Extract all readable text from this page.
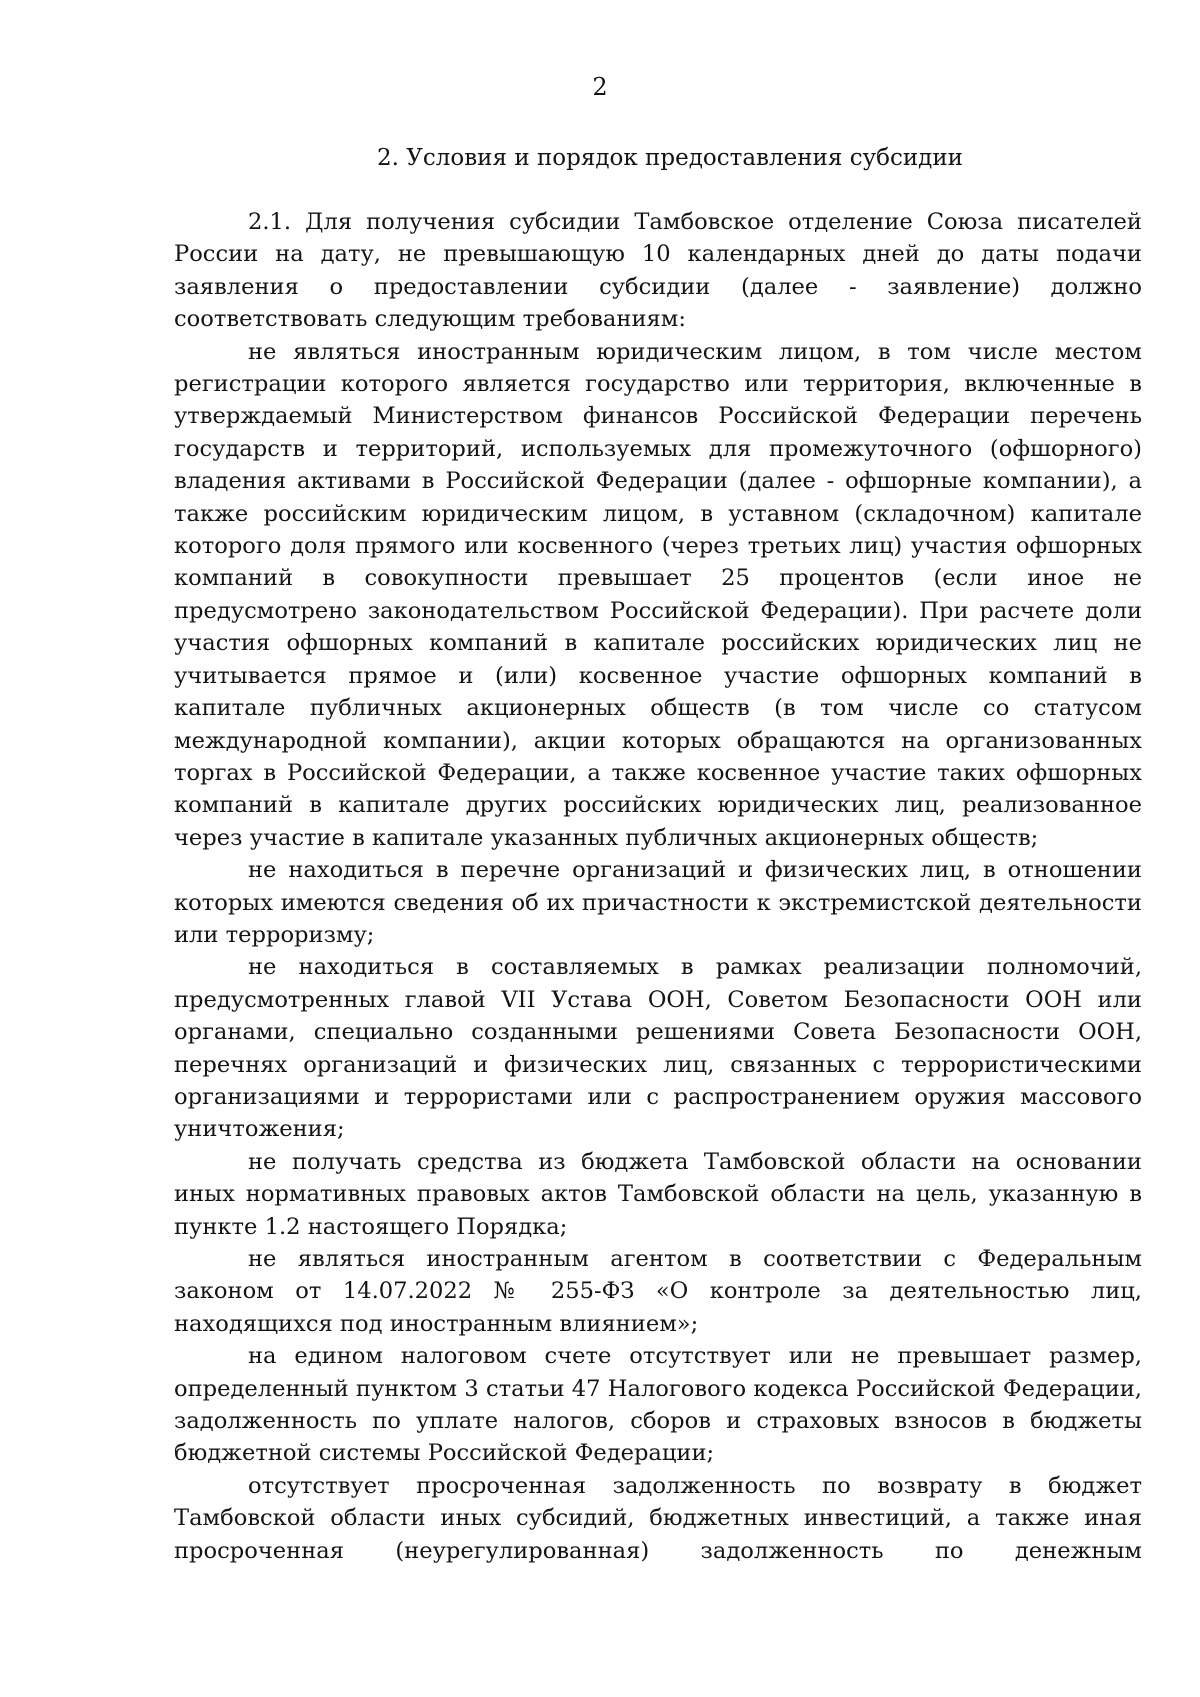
2
2. Условия и порядок предоставления субсидии

2.1. Для получения субсидии Тамбовское отделение Союза писателей России на дату, не превышающую 10 календарных дней до даты подачи заявления о предоставлении субсидии (далее - заявление) должно соответствовать следующим требованиям:

не являться иностранным юридическим лицом, в том числе местом регистрации которого является государство или территория, включенные в утверждаемый Министерством финансов Российской Федерации перечень государств и территорий, используемых для промежуточного (офшорного) владения активами в Российской Федерации (далее - офшорные компании), а также российским юридическим лицом, в уставном (складочном) капитале которого доля прямого или косвенного (через третьих лиц) участия офшорных компаний в совокупности превышает 25 процентов (если иное не предусмотрено законодательством Российской Федерации). При расчете доли участия офшорных компаний в капитале российских юридических лиц не учитывается прямое и (или) косвенное участие офшорных компаний в капитале публичных акционерных обществ (в том числе со статусом международной компании), акции которых обращаются на организованных торгах в Российской Федерации, а также косвенное участие таких офшорных компаний в капитале других российских юридических лиц, реализованное через участие в капитале указанных публичных акционерных обществ;

не находиться в перечне организаций и физических лиц, в отношении которых имеются сведения об их причастности к экстремистской деятельности или терроризму;

не находиться в составляемых в рамках реализации полномочий, предусмотренных главой VII Устава ООН, Советом Безопасности ООН или органами, специально созданными решениями Совета Безопасности ООН, перечнях организаций и физических лиц, связанных с террористическими организациями и террористами или с распространением оружия массового уничтожения;

не получать средства из бюджета Тамбовской области на основании иных нормативных правовых актов Тамбовской области на цель, указанную в пункте 1.2 настоящего Порядка;

не являться иностранным агентом в соответствии с Федеральным законом от 14.07.2022 № 255-ФЗ «О контроле за деятельностью лиц, находящихся под иностранным влиянием»;

на едином налоговом счете отсутствует или не превышает размер, определенный пунктом 3 статьи 47 Налогового кодекса Российской Федерации, задолженность по уплате налогов, сборов и страховых взносов в бюджеты бюджетной системы Российской Федерации;

отсутствует просроченная задолженность по возврату в бюджет Тамбовской области иных субсидий, бюджетных инвестиций, а также иная просроченная (неурегулированная) задолженность по денежным
